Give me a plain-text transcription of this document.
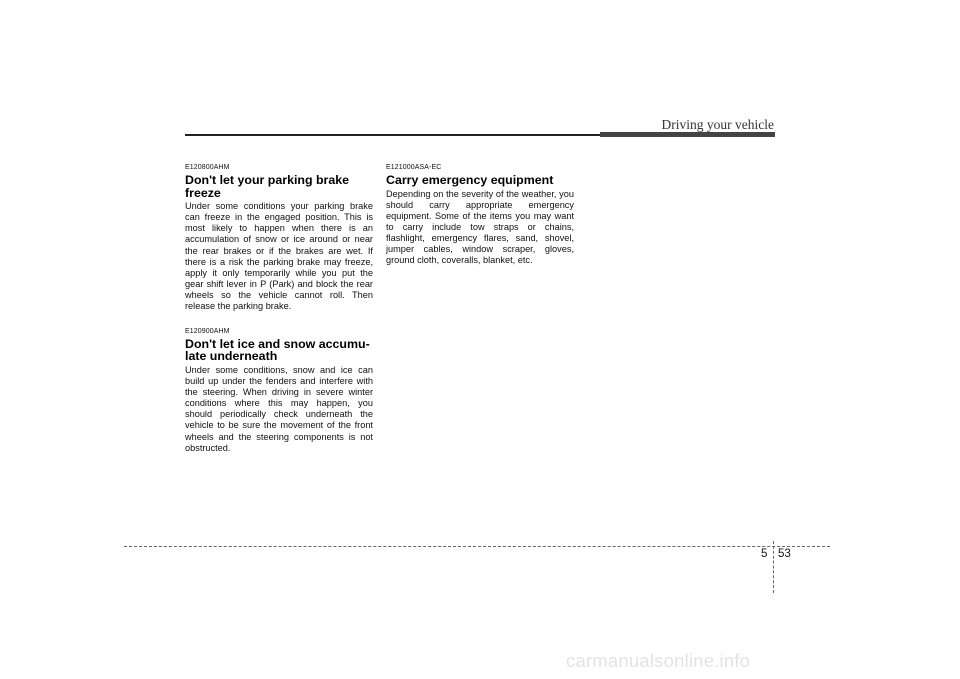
Driving your vehicle
E120800AHM
Don't let your parking brake freeze

Under some conditions your parking brake can freeze in the engaged position. This is most likely to happen when there is an accumulation of snow or ice around or near the rear brakes or if the brakes are wet. If there is a risk the parking brake may freeze, apply it only temporarily while you put the gear shift lever in P (Park) and block the rear wheels so the vehicle cannot roll. Then release the parking brake.

E120900AHM
Don't let ice and snow accumulate underneath

Under some conditions, snow and ice can build up under the fenders and interfere with the steering. When driving in severe winter conditions where this may happen, you should periodically check underneath the vehicle to be sure the movement of the front wheels and the steering components is not obstructed.

E121000ASA-EC
Carry emergency equipment

Depending on the severity of the weather, you should carry appropriate emergency equipment. Some of the items you may want to carry include tow straps or chains, flashlight, emergency flares, sand, shovel, jumper cables, window scraper, gloves, ground cloth, coveralls, blanket, etc.

5 53
carmanualsonline.info
